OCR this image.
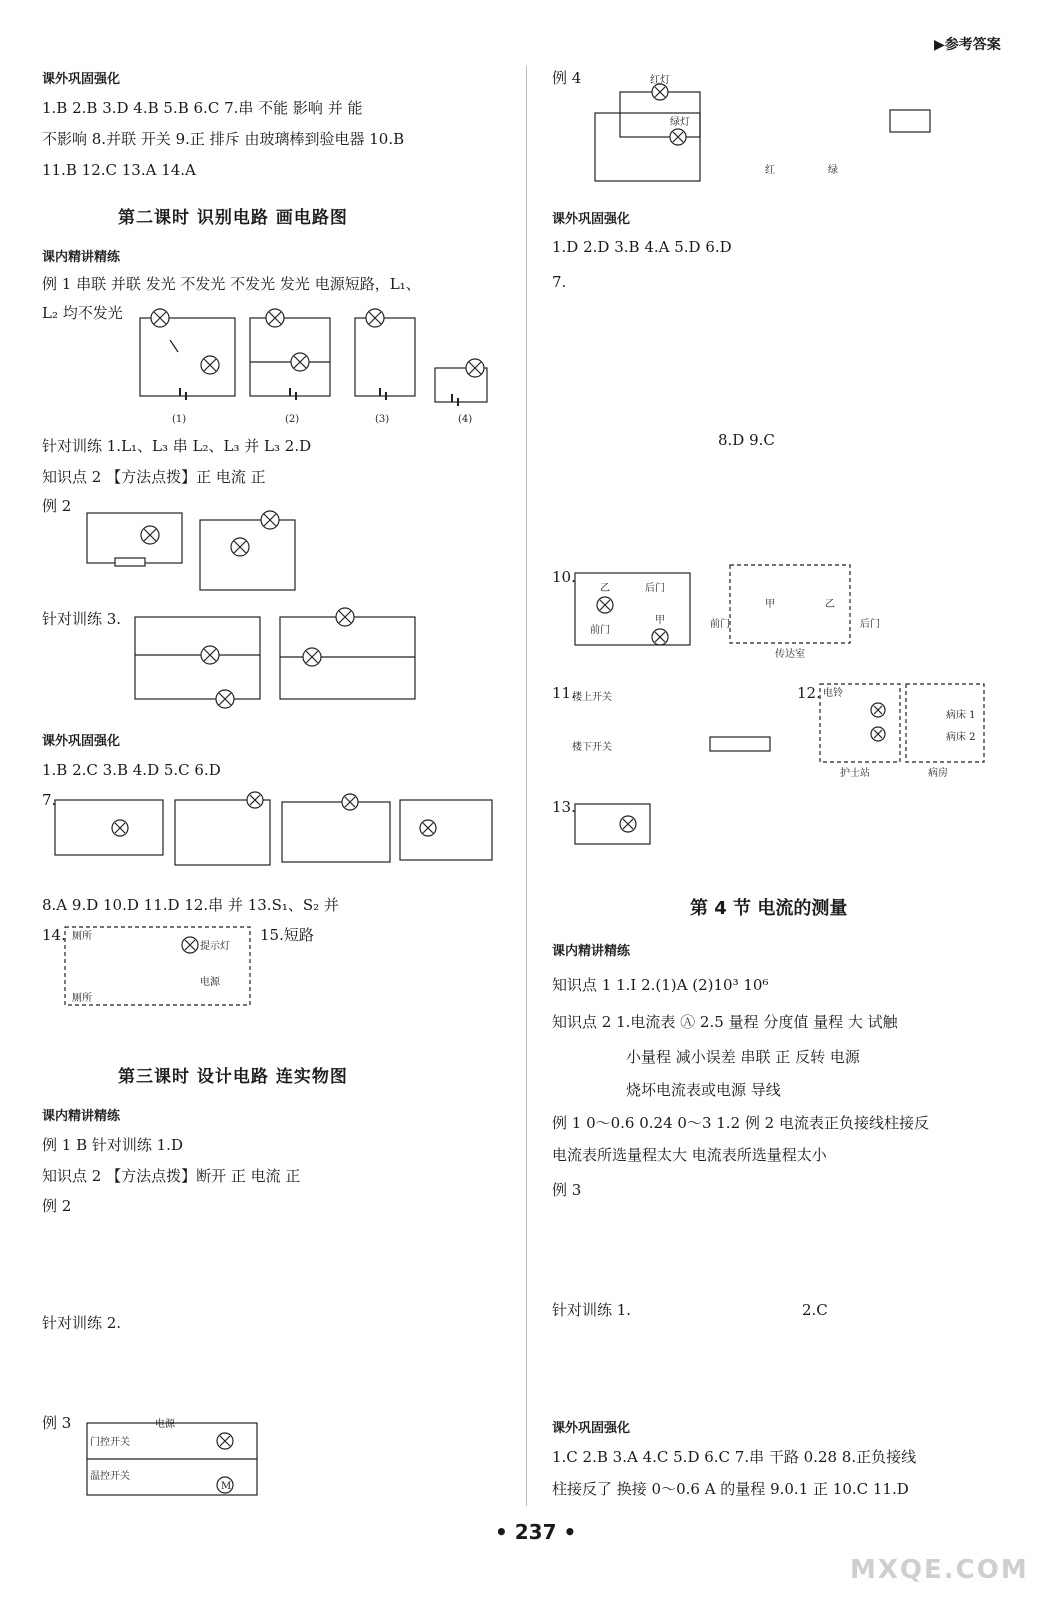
▶参考答案
课外巩固强化
1.B 2.B 3.D 4.B 5.B 6.C 7.串 不能 影响 并 能
不影响 8.并联 开关 9.正 排斥 由玻璃棒到验电器 10.B
11.B 12.C 13.A 14.A
第二课时 识别电路 画电路图
课内精讲精练
例 1 串联 并联 发光 不发光 不发光 发光 电源短路，L₁、
L₂ 均不发光
(1)	(2)	(3)	(4)
针对训练 1.L₁、L₃ 串 L₂、L₃ 并 L₃ 2.D
知识点 2 【方法点拨】正 电流 正
例 2
针对训练 3.
课外巩固强化
1.B 2.C 3.B 4.D 5.C 6.D
7.
8.A 9.D 10.D 11.D 12.串 并 13.S₁、S₂ 并
14. 厕所
提示灯
电源
厕所
15.短路
第三课时 设计电路 连实物图
课内精讲精练
例 1 B 针对训练 1.D
知识点 2 【方法点拨】断开 正 电流 正
例 2
针对训练 2.
例 3	电源
门控开关
温控开关
M
例 4	红灯
绿灯
红	绿
课外巩固强化
1.D 2.D 3.B 4.A 5.D 6.D
7.
8.D 9.C
10.
乙	后门
前门
甲	前门
甲	乙
后门
传达室
11.
楼上开关
楼下开关
12. 电铃
病床 1
病床 2
护士站	病房
13.
第 4 节 电流的测量
课内精讲精练
知识点 1 1.I 2.(1)A (2)10³ 10⁶
知识点 2 1.电流表 Ⓐ 2.5 量程 分度值 量程 大 试触
小量程 减小误差 串联 正 反转 电源
烧坏电流表或电源 导线
例 1 0～0.6 0.24 0～3 1.2 例 2 电流表正负接线柱接反
电流表所选量程太大 电流表所选量程太小
例 3
针对训练 1.	2.C
课外巩固强化
1.C 2.B 3.A 4.C 5.D 6.C 7.串 干路 0.28 8.正负接线
柱接反了 换接 0～0.6 A 的量程 9.0.1 正 10.C 11.D
• 237 •
MXQE.COM
